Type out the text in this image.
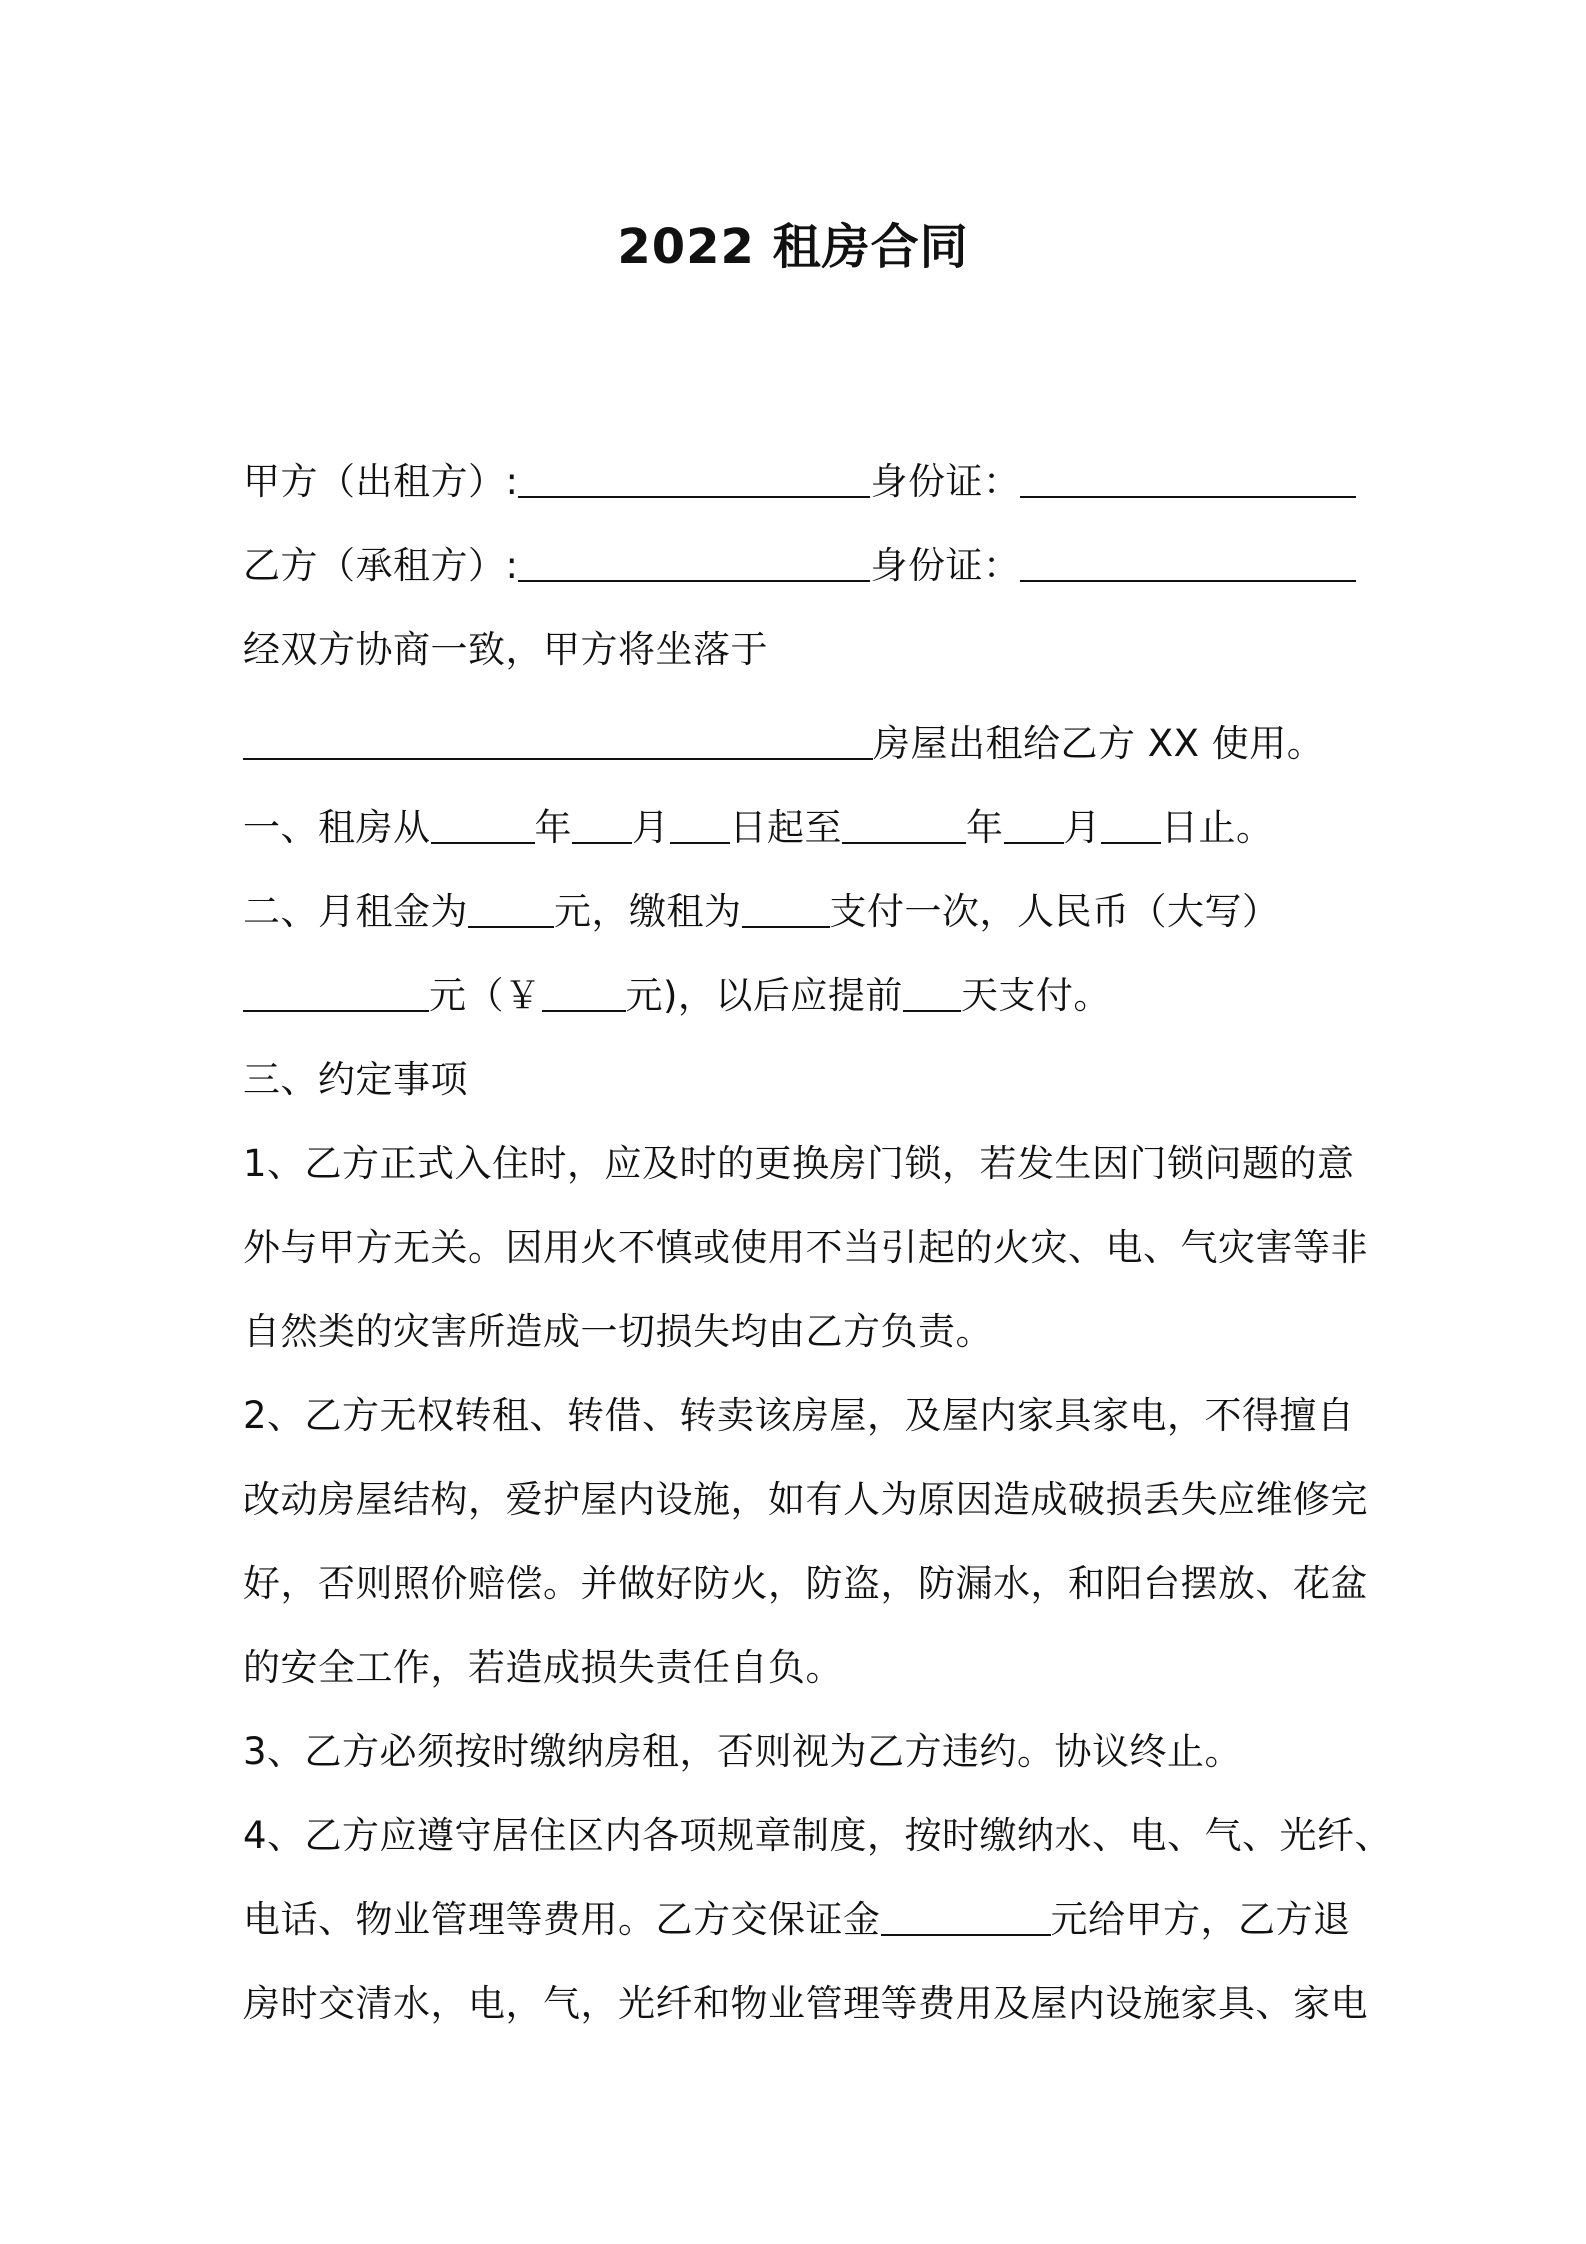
2022 租房合同
甲方（出租方）:	身份证：
乙方（承租方）:	身份证：
经双方协商一致，甲方将坐落于
房屋出租给乙方 XX 使用。
一、租房从	年 月 日起至	年 月 日止。
二、月租金为 元，缴租为 支付一次，人民币（大写）
元（￥ 元)，以后应提前 天支付。
三、约定事项
1、乙方正式入住时，应及时的更换房门锁，若发生因门锁问题的意
外与甲方无关。因用火不慎或使用不当引起的火灾、电、气灾害等非
自然类的灾害所造成一切损失均由乙方负责。
2、乙方无权转租、转借、转卖该房屋，及屋内家具家电，不得擅自
改动房屋结构，爱护屋内设施，如有人为原因造成破损丢失应维修完
好，否则照价赔偿。并做好防火，防盗，防漏水，和阳台摆放、花盆
的安全工作，若造成损失责任自负。
3、乙方必须按时缴纳房租，否则视为乙方违约。协议终止。
4、乙方应遵守居住区内各项规章制度，按时缴纳水、电、气、光纤、
电话、物业管理等费用。乙方交保证金	元给甲方，乙方退
房时交清水，电，气，光纤和物业管理等费用及屋内设施家具、家电
